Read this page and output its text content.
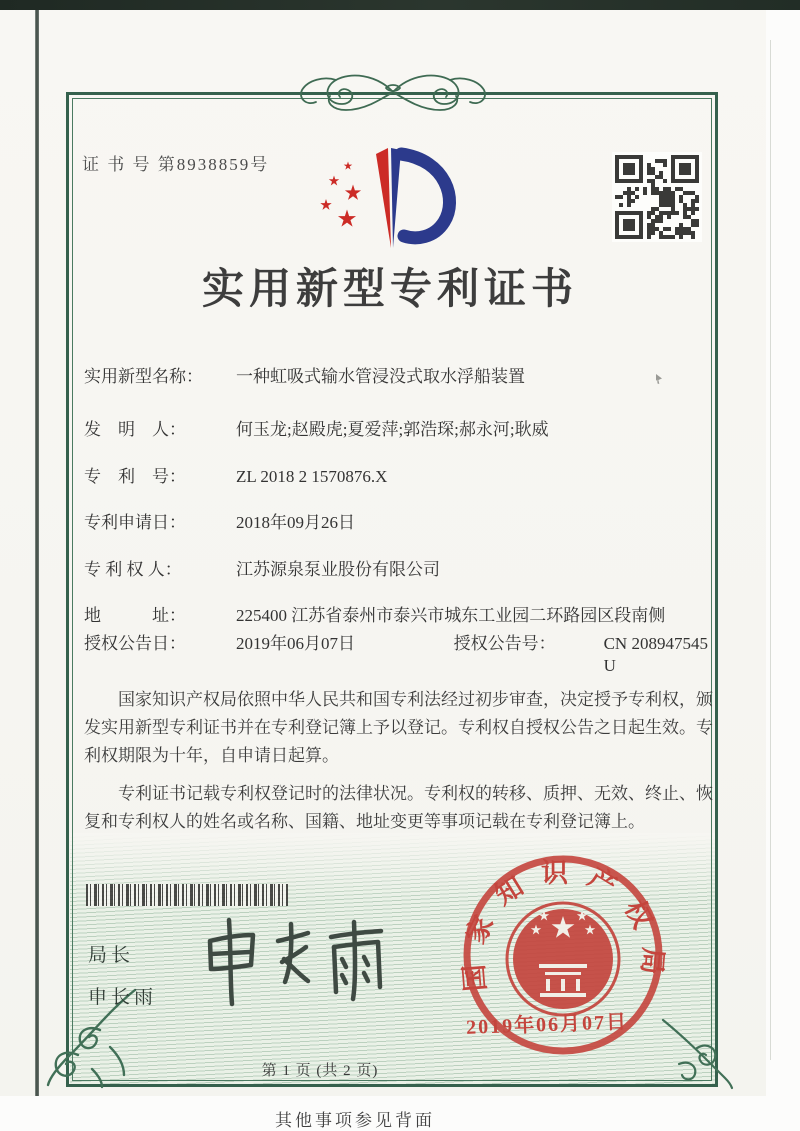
证 书 号 第8938859号
实用新型专利证书
实用新型名称：	一种虹吸式输水管浸没式取水浮船装置
发　明　人：	何玉龙;赵殿虎;夏爱萍;郭浩琛;郝永河;耿威
专　利　号：	ZL 2018 2 1570876.X
专利申请日：	2018年09月26日
专 利 权 人：	江苏源泉泵业股份有限公司
地　　　址：	225400 江苏省泰州市泰兴市城东工业园二环路园区段南侧
授权公告日：	2019年06月07日	授权公告号：	CN 208947545 U

国家知识产权局依照中华人民共和国专利法经过初步审查，决定授予专利权，颁发实用新型专利证书并在专利登记簿上予以登记。专利权自授权公告之日起生效。专利权期限为十年，自申请日起算。

专利证书记载专利权登记时的法律状况。专利权的转移、质押、无效、终止、恢复和专利权人的姓名或名称、国籍、地址变更等事项记载在专利登记簿上。

局长
申长雨
国家知识产权局
2019年06月07日
第 1 页 (共 2 页)
其他事项参见背面
